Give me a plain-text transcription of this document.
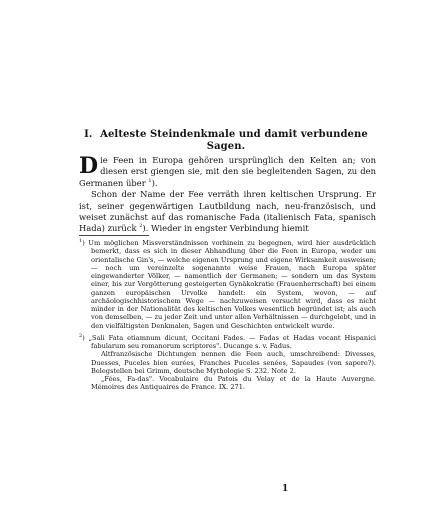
I. Aelteste Steindenkmale und damit verbundene Sagen.

Die Feen in Europa gehören ursprünglich den Kelten an; von diesen erst giengen sie, mit den sie begleitenden Sagen, zu den Germanen über $^1$).

Schon der Name der Fee verräth ihren keltischen Ursprung. Er ist, seiner gegenwärtigen Lautbildung nach, neu-französisch, und weiset zunächst auf das romanische Fada (italienisch Fata, spanisch Hada) zurück $^2$). Wieder in engster Verbindung hiemit

$^1$) Um möglichen Missverständnissen vorhinein zu begegnen, wird hier ausdrücklich bemerkt, dass es sich in dieser Abhandlung über die Feen in Europa, weder um orientalische Gin's, — welche eigenen Ursprung und eigene Wirksamkeit ausweisen; — noch um vereinzelte sogenannte weise Frauen, nach Europa später eingewanderter Völker, — namentlich der Germanen; — sondern um das System einer, bis zur Vergötterung gesteigerten Gynäkokratie (Frauenherrschaft) bei einem ganzen europäischen Urvolke handelt: ein System, wovon, — auf archäologischhistorischem Wege — nachzuweisen versucht wird, dass es nicht minder in der Nationalität des keltischen Volkes wesentlich begründet ist; als auch von demselben, — zu jeder Zeit und unter allen Verhältnissen — durchgelebt, und in den vielfältigsten Denkmalen, Sagen und Geschichten entwickelt wurde.

$^2$) „Sali Fata etiamnum dicunt, Occitani Fades. — Fadas et Hadas vocant Hispanici fabularum seu romanorum scriptores". Ducange s. v. Fadus.

Altfranzösische Dichtungen nennen die Feen auch, umschreibend: Divesses, Duesses, Puceles bien eurées, Franches Puceles senées, Sapaudes (von sapere?). Belegstellen bei Grimm, deutsche Mythologie S. 232. Note 2.

„Fées, Fa-das". Vocabulaire du Patois du Velay et de la Haute Auvergne. Mémoires des Antiquaires de France. IX. 271.

1
